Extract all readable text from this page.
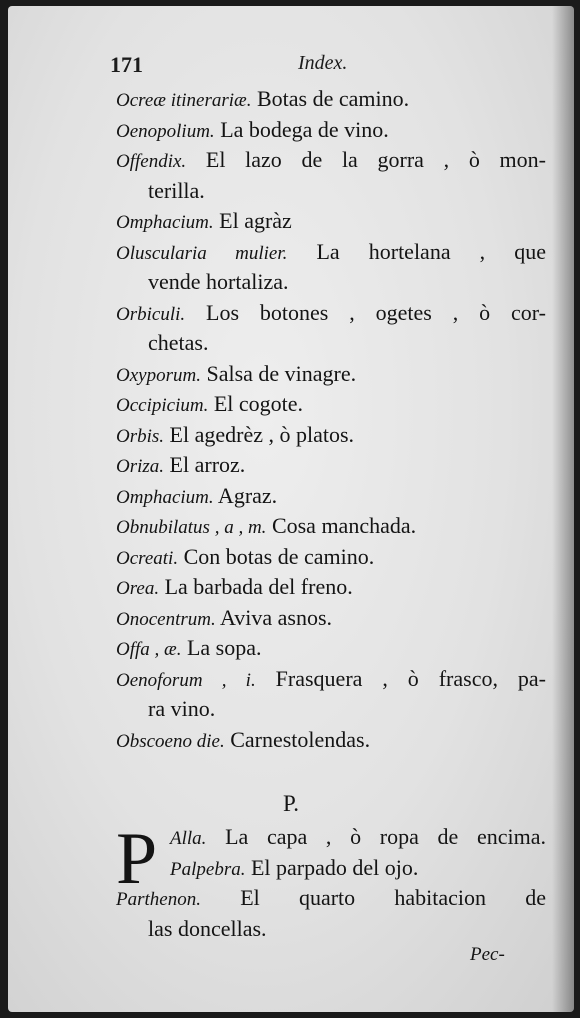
171	Index.
Ocreæ itinerariæ. Botas de camino.
Oenopolium. La bodega de vino.
Offendix. El lazo de la gorra , ò mon-
terilla.
Omphacium. El agràz
Olusculariа mulier. La hortelana , que
vende hortaliza.
Orbiculi. Los botones , ogetes , ò cor-
chetas.
Oxyporum. Salsa de vinagre.
Occipicium. El cogote.
Orbis. El agedrèz , ò platos.
Oriza. El arroz.
Omphacium. Agraz.
Obnubilatus , a , m. Cosa manchada.
Ocreati. Con botas de camino.
Orea. La barbada del freno.
Onocentrum. Aviva asnos.
Offa , æ. La sopa.
Oenoforum , i. Frasquera , ò frasco, pa-
ra vino.
Obscoeno die. Carnestolendas.
P.
P Alla. La capa , ò ropa de encima.
Palpebra. El parpado del ojo.
Parthenon. El quarto habitacion de
las doncellas.
Pec-
